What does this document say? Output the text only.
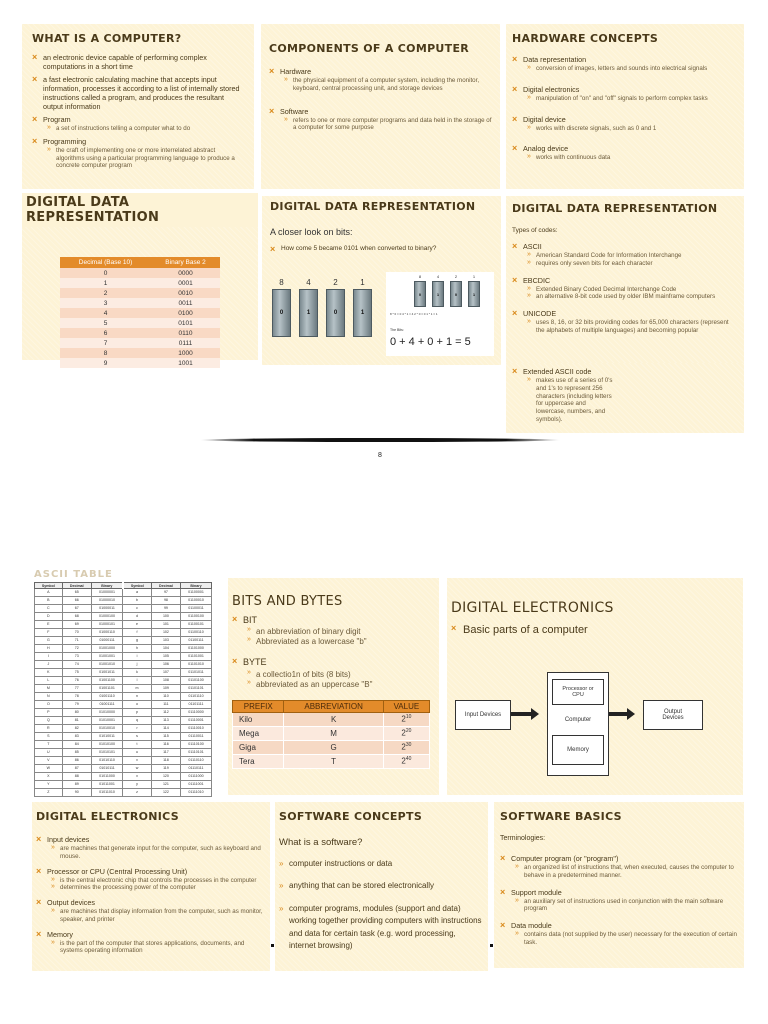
WHAT IS A COMPUTER?
× an electronic device capable of performing complex computations in a short time
× a fast electronic calculating machine that accepts input information, processes it according to a list of internally stored instructions called a program, and produces the resultant output information
× Program
» a set of instructions telling a computer what to do
× Programming
» the craft of implementing one or more interrelated abstract algorithms using a particular programming language to produce a concrete computer program
COMPONENTS OF A COMPUTER
× Hardware
» the physical equipment of a computer system, including the monitor, keyboard, central processing unit, and storage devices
× Software
» refers to one or more computer programs and data held in the storage of a computer for some purpose
HARDWARE CONCEPTS
× Data representation
» conversion of images, letters and sounds into electrical signals
× Digital electronics
» manipulation of "on" and "off" signals to perform complex tasks
× Digital device
» works with discrete signals, such as 0 and 1
× Analog device
» works with continuous data
DIGITAL DATA REPRESENTATION
Decimal (Base 10)	Binary Base 2
0	0000
1	0001
2	0010
3	0011
4	0100
5	0101
6	0110
7	0111
8	1000
9	1001
DIGITAL DATA REPRESENTATION
A closer look on bits:
× How come 5 became 0101 when converted to binary?
8
0
4
1
2
0
1
1
8
0
4
1
2
0
1
1
8 * 0 = 0 4 * 1 = 4 2 * 0 = 0 1 * 1 = 1
The Bits:
0 + 4 + 0 + 1 = 5
DIGITAL DATA REPRESENTATION
Types of codes:
× ASCII
» American Standard Code for Information Interchange
» requires only seven bits for each character
× EBCDIC
» Extended Binary Coded Decimal Interchange Code
» an alternative 8-bit code used by older IBM mainframe computers
× UNICODE
» uses 8, 16, or 32 bits providing codes for 65,000 characters (represent the alphabets of multiple languages) and becoming popular
× Extended ASCII code
» makes use of a series of 0's and 1's to represent 256 characters (including letters for uppercase and lowercase, numbers, and symbols).
8
ASCII TABLE
Symbol	Decimal	Binary	Symbol	Decimal	Binary
A	65	01000001	a	97	01100001
B	66	01000010	b	98	01100010
C	67	01000011	c	99	01100011
D	68	01000100	d	100	01100100
E	69	01000101	e	101	01100101
F	70	01000110	f	102	01100110
G	71	01000111	g	103	01100111
H	72	01001000	h	104	01101000
I	73	01001001	i	105	01101001
J	74	01001010	j	106	01101010
K	75	01001011	k	107	01101011
L	76	01001100	l	108	01101100
M	77	01001101	m	109	01101101
N	78	01001110	n	110	01101110
O	79	01001111	o	111	01101111
P	80	01010000	p	112	01110000
Q	81	01010001	q	113	01110001
R	82	01010010	r	114	01110010
S	83	01010011	s	115	01110011
T	84	01010100	t	116	01110100
U	85	01010101	u	117	01110101
V	86	01010110	v	118	01110110
W	87	01010111	w	119	01110111
X	88	01011000	x	120	01111000
Y	89	01011001	y	121	01111001
Z	90	01011010	z	122	01111010
BITS AND BYTES
× BIT
» an abbreviation of binary digit
» Abbreviated as a lowercase "b"
× BYTE
» a collectio1n of bits (8 bits)
» abbreviated as an uppercase "B"
PREFIX	ABBREVIATION	VALUE
Kilo	K	$2^{10}$
Mega	M	$2^{20}$
Giga	G	$2^{30}$
Tera	T	$2^{40}$
DIGITAL ELECTRONICS
× Basic parts of a computer
Input Devices
Processor or CPU
Computer
Memory
Output Devices
DIGITAL ELECTRONICS
× Input devices
» are machines that generate input for the computer, such as keyboard and mouse.
× Processor or CPU (Central Processing Unit)
» is the central electronic chip that controls the processes in the computer
» determines the processing power of the computer
× Output devices
» are machines that display information from the computer, such as monitor, speaker, and printer
× Memory
» is the part of the computer that stores applications, documents, and systems operating information
SOFTWARE CONCEPTS
What is a software?
» computer instructions or data
» anything that can be stored electronically
» computer programs, modules (support and data) working together providing computers with instructions and data for certain task (e.g. word processing, internet browsing)
SOFTWARE BASICS
Terminologies:
× Computer program (or "program")
» an organized list of instructions that, when executed, causes the computer to behave in a predetermined manner.
× Support module
» an auxiliary set of instructions used in conjunction with the main software program
× Data module
» contains data (not supplied by the user) necessary for the execution of certain task.
